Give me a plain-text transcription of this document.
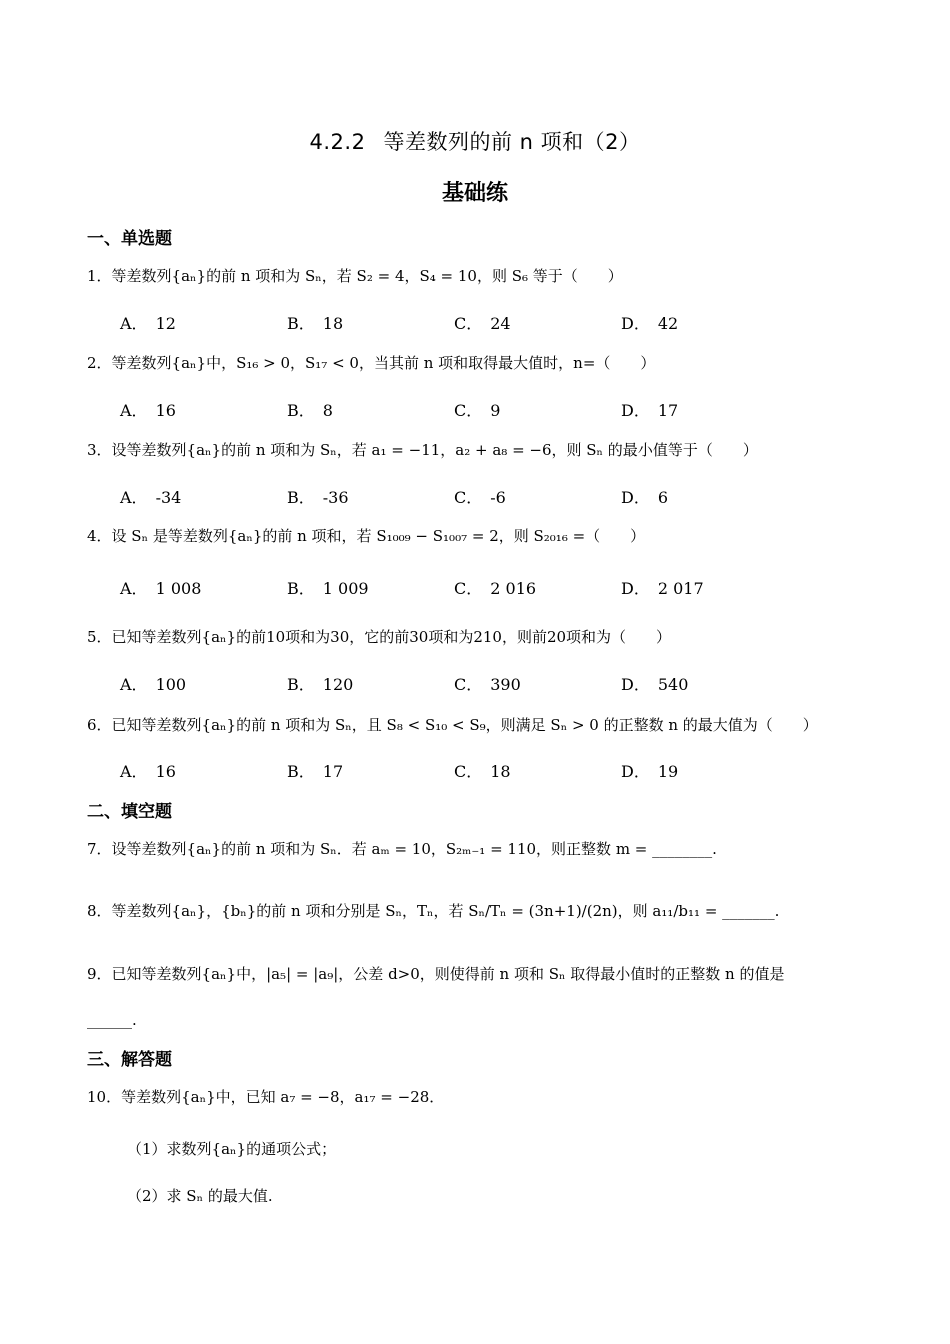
4.2.2 等差数列的前 n 项和（2）
基础练
一、单选题
1．等差数列{aₙ}的前 n 项和为 Sₙ，若 S₂ = 4，S₄ = 10，则 S₆ 等于（　　）
A． 12	B． 18	C． 24	D． 42
2．等差数列{aₙ}中，S₁₆ > 0，S₁₇ < 0，当其前 n 项和取得最大值时，n=（　　）
A． 16	B． 8	C． 9	D． 17
3．设等差数列{aₙ}的前 n 项和为 Sₙ，若 a₁ = −11，a₂ + a₈ = −6，则 Sₙ 的最小值等于（　　）
A． -34	B． -36	C． -6	D． 6
4．设 Sₙ 是等差数列{aₙ}的前 n 项和，若 S₁₀₀₉ − S₁₀₀₇ = 2，则 S₂₀₁₆ =（　　）
A． 1 008	B． 1 009	C． 2 016	D． 2 017
5．已知等差数列{aₙ}的前10项和为30，它的前30项和为210，则前20项和为（　　）
A． 100	B． 120	C． 390	D． 540
6．已知等差数列{aₙ}的前 n 项和为 Sₙ，且 S₈ < S₁₀ < S₉，则满足 Sₙ > 0 的正整数 n 的最大值为（　　）
A． 16	B． 17	C． 18	D． 19
二、填空题
7．设等差数列{aₙ}的前 n 项和为 Sₙ．若 aₘ = 10，S₂ₘ₋₁ = 110，则正整数 m = ________.
8．等差数列{aₙ}，{bₙ}的前 n 项和分别是 Sₙ，Tₙ，若 Sₙ/Tₙ = (3n+1)/(2n)，则 a₁₁/b₁₁ = _______.
9．已知等差数列{aₙ}中，|a₅| = |a₉|，公差 d>0，则使得前 n 项和 Sₙ 取得最小值时的正整数 n 的值是
______.
三、解答题
10．等差数列{aₙ}中，已知 a₇ = −8，a₁₇ = −28．
（1）求数列{aₙ}的通项公式；
（2）求 Sₙ 的最大值.
